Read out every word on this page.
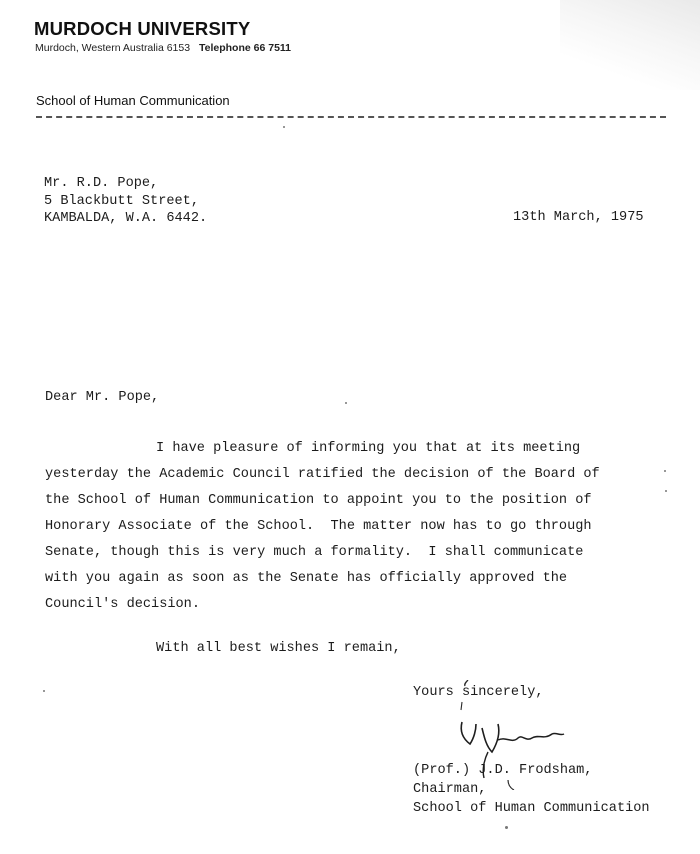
MURDOCH UNIVERSITY
Murdoch, Western Australia 6153 Telephone 66 7511
School of Human Communication
Mr. R.D. Pope,
5 Blackbutt Street,
KAMBALDA, W.A. 6442.	13th March, 1975
Dear Mr. Pope,
I have pleasure of informing you that at its meeting
yesterday the Academic Council ratified the decision of the Board of
the School of Human Communication to appoint you to the position of
Honorary Associate of the School.  The matter now has to go through
Senate, though this is very much a formality.  I shall communicate
with you again as soon as the Senate has officially approved the
Council's decision.
With all best wishes I remain,
Yours sincerely,
(Prof.) J.D. Frodsham,
Chairman,
School of Human Communication
